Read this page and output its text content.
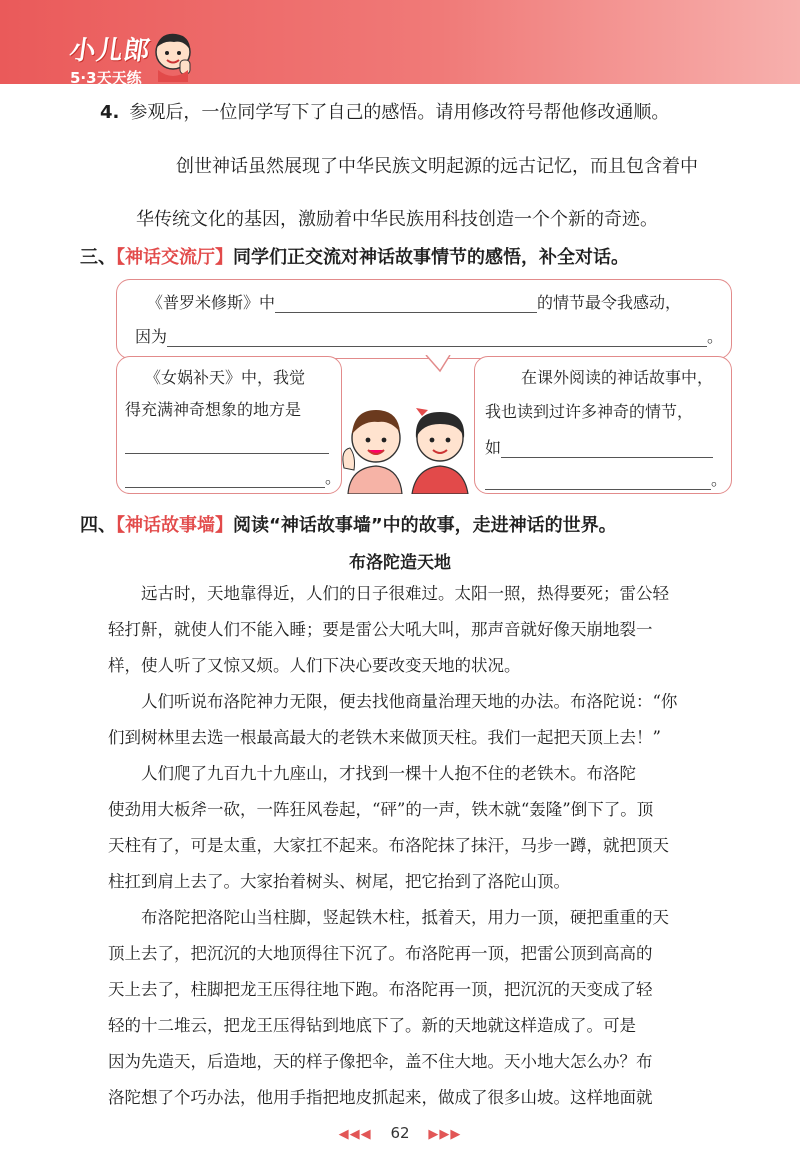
小儿郎
5·3天天练
4. 参观后，一位同学写下了自己的感悟。请用修改符号帮他修改通顺。
创世神话虽然展现了中华民族文明起源的远古记忆，而且包含着中
华传统文化的基因，激励着中华民族用科技创造一个个新的奇迹。
三、【神话交流厅】同学们正交流对神话故事情节的感悟，补全对话。
《普罗米修斯》中	的情节最令我感动，
因为	。
《女娲补天》中，我觉
得充满神奇想象的地方是
。
在课外阅读的神话故事中，
我也读到过许多神奇的情节，
如
。
四、【神话故事墙】阅读“神话故事墙”中的故事，走进神话的世界。
布洛陀造天地
　　远古时，天地靠得近，人们的日子很难过。太阳一照，热得要死；雷公轻
轻打鼾，就使人们不能入睡；要是雷公大吼大叫，那声音就好像天崩地裂一
样，使人听了又惊又烦。人们下决心要改变天地的状况。
　　人们听说布洛陀神力无限，便去找他商量治理天地的办法。布洛陀说：“你
们到树林里去选一根最高最大的老铁木来做顶天柱。我们一起把天顶上去！”
　　人们爬了九百九十九座山，才找到一棵十人抱不住的老铁木。布洛陀
使劲用大板斧一砍，一阵狂风卷起，“砰”的一声，铁木就“轰隆”倒下了。顶
天柱有了，可是太重，大家扛不起来。布洛陀抹了抹汗，马步一蹲，就把顶天
柱扛到肩上去了。大家抬着树头、树尾，把它抬到了洛陀山顶。
　　布洛陀把洛陀山当柱脚，竖起铁木柱，抵着天，用力一顶，硬把重重的天
顶上去了，把沉沉的大地顶得往下沉了。布洛陀再一顶，把雷公顶到高高的
天上去了，柱脚把龙王压得往地下跑。布洛陀再一顶，把沉沉的天变成了轻
轻的十二堆云，把龙王压得钻到地底下了。新的天地就这样造成了。可是
因为先造天，后造地，天的样子像把伞，盖不住大地。天小地大怎么办？布
洛陀想了个巧办法，他用手指把地皮抓起来，做成了很多山坡。这样地面就
◀◀◀ 62 ▶▶▶
